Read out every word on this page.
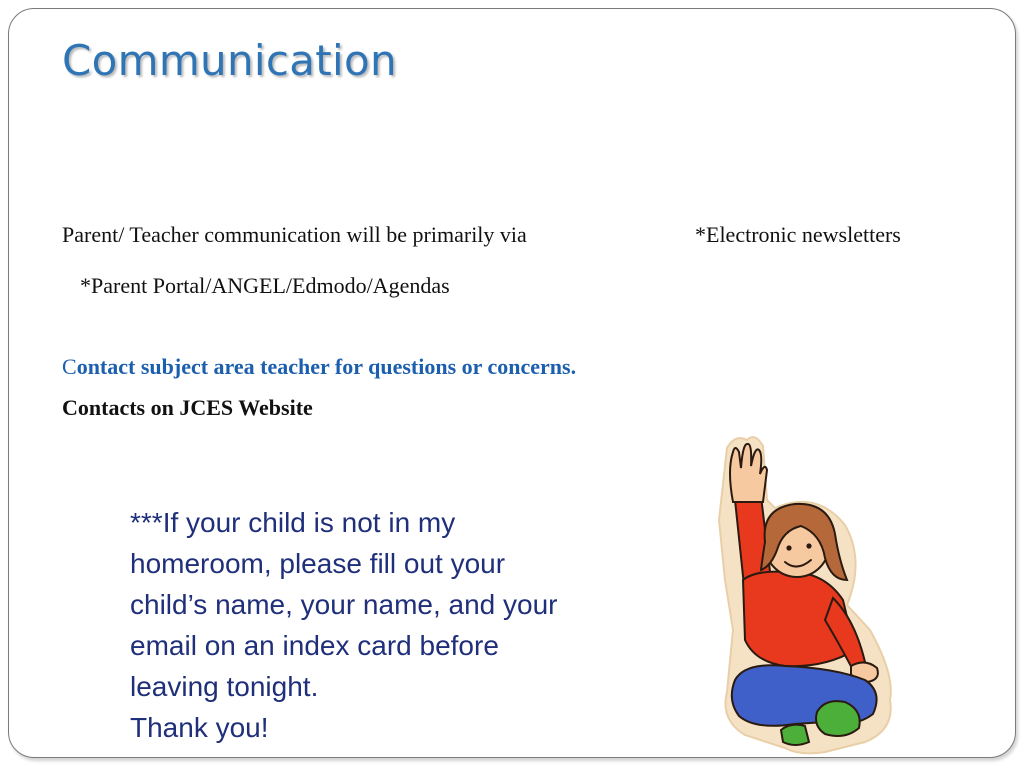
Communication

Parent/ Teacher communication will be primarily via	*Electronic newsletters

*Parent Portal/ANGEL/Edmodo/Agendas

Contact subject area teacher for questions or concerns.

Contacts on JCES Website

***If your child is not in my
homeroom, please fill out your
child’s name, your name, and your
email on an index card before
leaving tonight.
Thank you!
